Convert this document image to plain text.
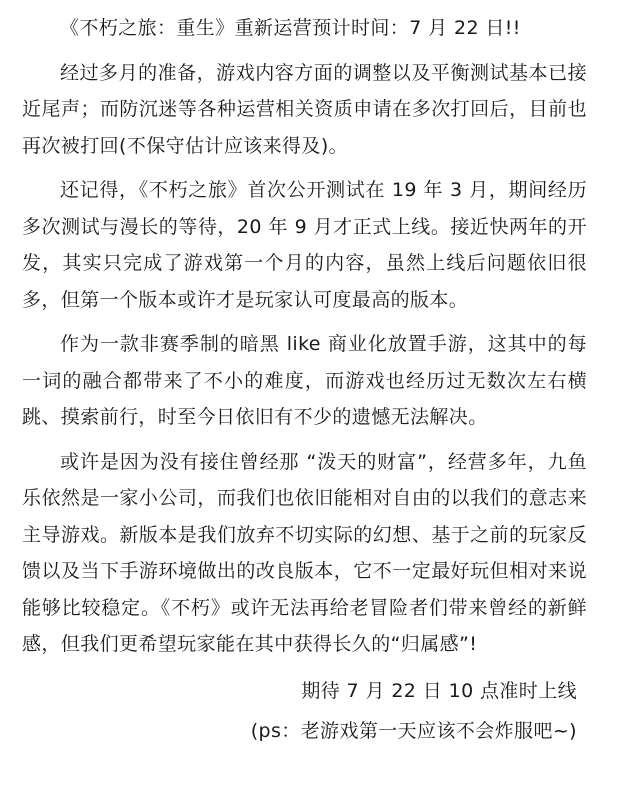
《不朽之旅：重生》重新运营预计时间：7 月 22 日!!

经过多月的准备，游戏内容方面的调整以及平衡测试基本已接近尾声；而防沉迷等各种运营相关资质申请在多次打回后，目前也再次被打回(不保守估计应该来得及)。

还记得，《不朽之旅》首次公开测试在 19 年 3 月，期间经历多次测试与漫长的等待，20 年 9 月才正式上线。接近快两年的开发，其实只完成了游戏第一个月的内容，虽然上线后问题依旧很多，但第一个版本或许才是玩家认可度最高的版本。

作为一款非赛季制的暗黑 like 商业化放置手游，这其中的每一词的融合都带来了不小的难度，而游戏也经历过无数次左右横跳、摸索前行，时至今日依旧有不少的遗憾无法解决。

或许是因为没有接住曾经那 “泼天的财富”，经营多年，九鱼乐依然是一家小公司，而我们也依旧能相对自由的以我们的意志来主导游戏。新版本是我们放弃不切实际的幻想、基于之前的玩家反馈以及当下手游环境做出的改良版本，它不一定最好玩但相对来说能够比较稳定。《不朽》或许无法再给老冒险者们带来曾经的新鲜感，但我们更希望玩家能在其中获得长久的“归属感”!

期待 7 月 22 日 10 点准时上线

(ps：老游戏第一天应该不会炸服吧~)
